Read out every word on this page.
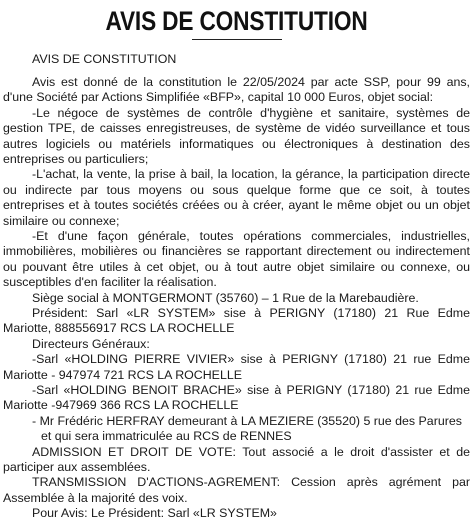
AVIS DE CONSTITUTION
AVIS DE CONSTITUTION

Avis est donné de la constitution le 22/05/2024 par acte SSP, pour 99 ans, d'une Société par Actions Simplifiée «BFP», capital 10 000 Euros, objet social:

-Le négoce de systèmes de contrôle d'hygiène et sanitaire, systèmes de gestion TPE, de caisses enregistreuses, de système de vidéo surveillance et tous autres logiciels ou matériels informatiques ou électroniques à destination des entreprises ou particuliers;

-L'achat, la vente, la prise à bail, la location, la gérance, la participation directe ou indirecte par tous moyens ou sous quelque forme que ce soit, à toutes entreprises et à toutes sociétés créées ou à créer, ayant le même objet ou un objet similaire ou connexe;

-Et d'une façon générale, toutes opérations commerciales, industrielles, immobilières, mobilières ou financières se rapportant directement ou indirectement ou pouvant être utiles à cet objet, ou à tout autre objet similaire ou connexe, ou susceptibles d'en faciliter la réalisation.

Siège social à MONTGERMONT (35760) – 1 Rue de la Marebaudière.

Président: Sarl «LR SYSTEM» sise à PERIGNY (17180) 21 Rue Edme Mariotte, 888556917 RCS LA ROCHELLE

Directeurs Généraux:

-Sarl «HOLDING PIERRE VIVIER» sise à PERIGNY (17180) 21 rue Edme Mariotte - 947974 721 RCS LA ROCHELLE

-Sarl «HOLDING BENOIT BRACHE» sise à PERIGNY (17180) 21 rue Edme Mariotte -947969 366 RCS LA ROCHELLE

- Mr Frédéric HERFRAY demeurant à LA MEZIERE (35520) 5 rue des Parures

et qui sera immatriculée au RCS de RENNES

ADMISSION ET DROIT DE VOTE: Tout associé a le droit d'assister et de participer aux assemblées.

TRANSMISSION D'ACTIONS-AGREMENT: Cession après agrément par Assemblée à la majorité des voix.

Pour Avis: Le Président: Sarl «LR SYSTEM»
